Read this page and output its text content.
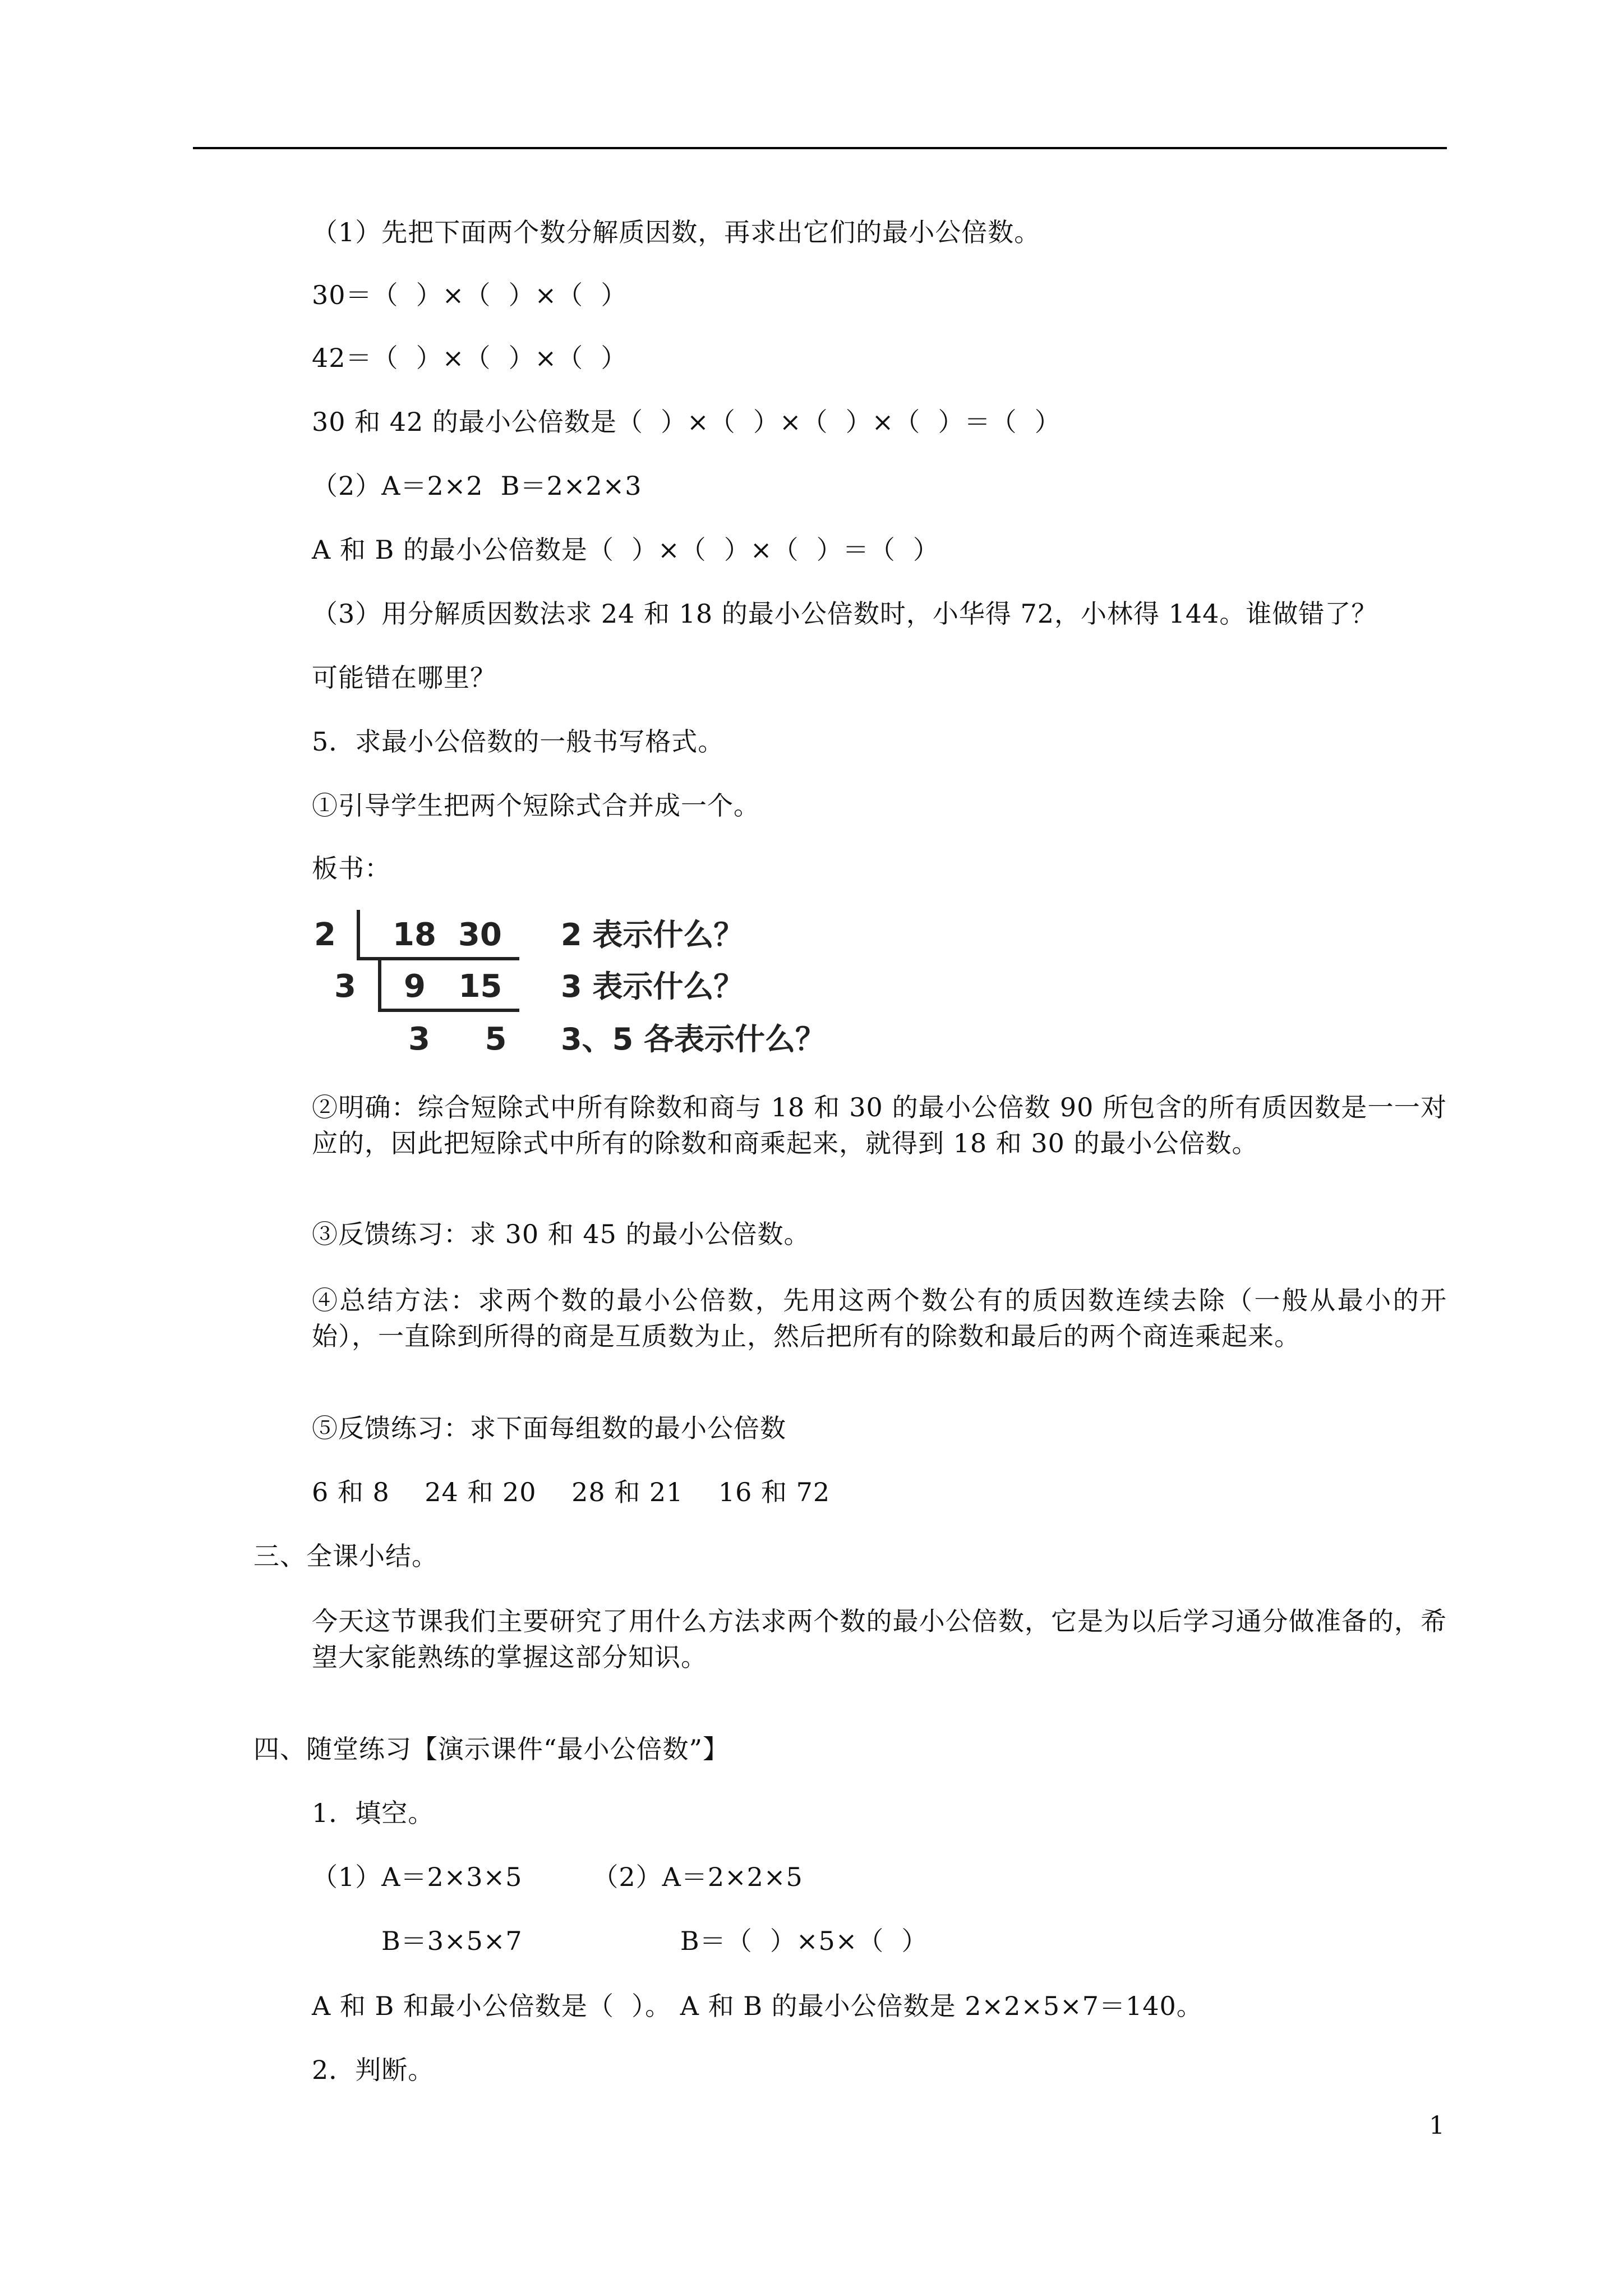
（1）先把下面两个数分解质因数，再求出它们的最小公倍数。
30＝（  ）×（  ）×（  ）
42＝（  ）×（  ）×（  ）
30 和 42 的最小公倍数是（  ）×（  ）×（  ）×（  ）＝（  ）
（2）A＝2×2  B＝2×2×3
A 和 B 的最小公倍数是（  ）×（  ）×（  ）＝（  ）
（3）用分解质因数法求 24 和 18 的最小公倍数时，小华得 72，小林得 144。谁做错了？
可能错在哪里？
5．求最小公倍数的一般书写格式。
①引导学生把两个短除式合并成一个。
板书：
2 18  30 2 表示什么？
3 9   15 3 表示什么？
3     5 3、5 各表示什么？
②明确：综合短除式中所有除数和商与 18 和 30 的最小公倍数 90 所包含的所有质因数是一一对应的，因此把短除式中所有的除数和商乘起来，就得到 18 和 30 的最小公倍数。
③反馈练习：求 30 和 45 的最小公倍数。
④总结方法：求两个数的最小公倍数，先用这两个数公有的质因数连续去除（一般从最小的开始），一直除到所得的商是互质数为止，然后把所有的除数和最后的两个商连乘起来。
⑤反馈练习：求下面每组数的最小公倍数
6 和 8    24 和 20    28 和 21    16 和 72
三、全课小结。
今天这节课我们主要研究了用什么方法求两个数的最小公倍数，它是为以后学习通分做准备的，希望大家能熟练的掌握这部分知识。
四、随堂练习【演示课件“最小公倍数”】
1．填空。
（1）A＝2×3×5        （2）A＝2×2×5
B＝3×5×7                  B＝（  ）×5×（  ）
A 和 B 和最小公倍数是（  ）。 A 和 B 的最小公倍数是 2×2×5×7＝140。
2．判断。
1
